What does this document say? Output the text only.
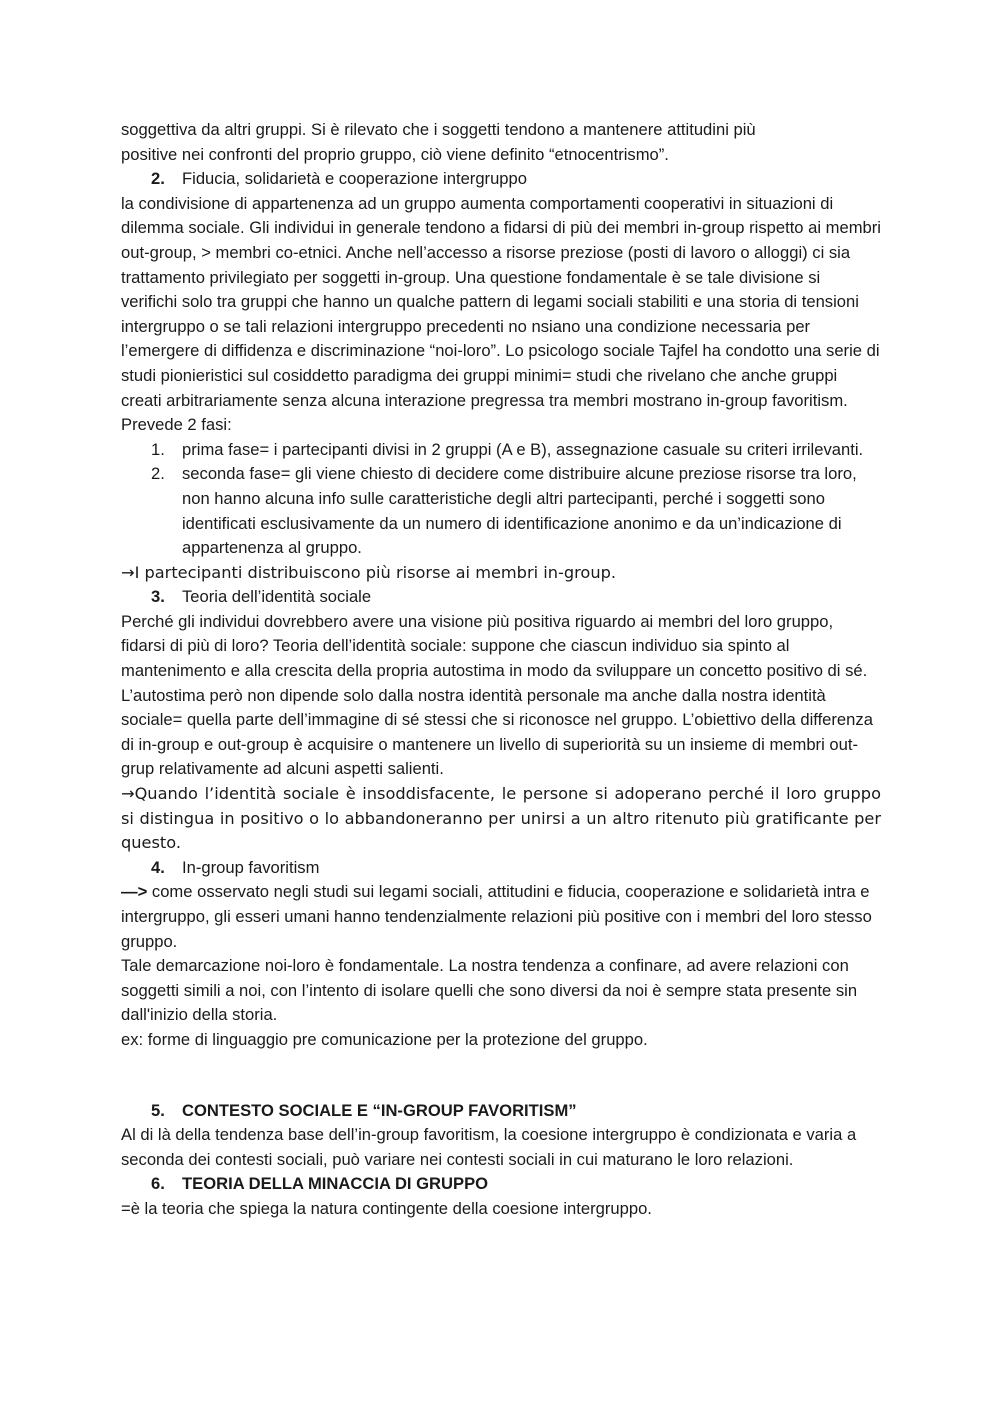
soggettiva da altri gruppi. Si è rilevato che i soggetti tendono a mantenere attitudini più

positive nei confronti del proprio gruppo, ciò viene definito “etnocentrismo”.

2. Fiducia, solidarietà e cooperazione intergruppo

la condivisione di appartenenza ad un gruppo aumenta comportamenti cooperativi in situazioni di dilemma sociale. Gli individui in generale tendono a fidarsi di più dei membri in-group rispetto ai membri out-group, > membri co-etnici. Anche nell’accesso a risorse preziose (posti di lavoro o alloggi) ci sia trattamento privilegiato per soggetti in-group. Una questione fondamentale è se tale divisione si verifichi solo tra gruppi che hanno un qualche pattern di legami sociali stabiliti e una storia di tensioni intergruppo o se tali relazioni intergruppo precedenti no nsiano una condizione necessaria per l’emergere di diffidenza e discriminazione “noi-loro”. Lo psicologo sociale Tajfel ha condotto una serie di studi pionieristici sul cosiddetto paradigma dei gruppi minimi= studi che rivelano che anche gruppi creati arbitrariamente senza alcuna interazione pregressa tra membri mostrano in-group favoritism. Prevede 2 fasi:

1. prima fase= i partecipanti divisi in 2 gruppi (A e B), assegnazione casuale su criteri irrilevanti.
2. seconda fase= gli viene chiesto di decidere come distribuire alcune preziose risorse tra loro, non hanno alcuna info sulle caratteristiche degli altri partecipanti, perché i soggetti sono identificati esclusivamente da un numero di identificazione anonimo e da un’indicazione di appartenenza al gruppo.

→I partecipanti distribuiscono più risorse ai membri in-group.

3. Teoria dell’identità sociale

Perché gli individui dovrebbero avere una visione più positiva riguardo ai membri del loro gruppo, fidarsi di più di loro? Teoria dell’identità sociale: suppone che ciascun individuo sia spinto al mantenimento e alla crescita della propria autostima in modo da sviluppare un concetto positivo di sé. L’autostima però non dipende solo dalla nostra identità personale ma anche dalla nostra identità sociale= quella parte dell’immagine di sé stessi che si riconosce nel gruppo. L’obiettivo della differenza di in-group e out-group è acquisire o mantenere un livello di superiorità su un insieme di membri out-grup relativamente ad alcuni aspetti salienti.

→Quando l’identità sociale è insoddisfacente, le persone si adoperano perché il loro gruppo si distingua in positivo o lo abbandoneranno per unirsi a un altro ritenuto più gratificante per questo.

4. In-group favoritism

—> come osservato negli studi sui legami sociali, attitudini e fiducia, cooperazione e solidarietà intra e intergruppo, gli esseri umani hanno tendenzialmente relazioni più positive con i membri del loro stesso gruppo.

Tale demarcazione noi-loro è fondamentale. La nostra tendenza a confinare, ad avere relazioni con soggetti simili a noi, con l’intento di isolare quelli che sono diversi da noi è sempre stata presente sin dall'inizio della storia.

ex: forme di linguaggio pre comunicazione per la protezione del gruppo.

5. CONTESTO SOCIALE E “IN-GROUP FAVORITISM”

Al di là della tendenza base dell’in-group favoritism, la coesione intergruppo è condizionata e varia a seconda dei contesti sociali, può variare nei contesti sociali in cui maturano le loro relazioni.

6. TEORIA DELLA MINACCIA DI GRUPPO

=è la teoria che spiega la natura contingente della coesione intergruppo.
